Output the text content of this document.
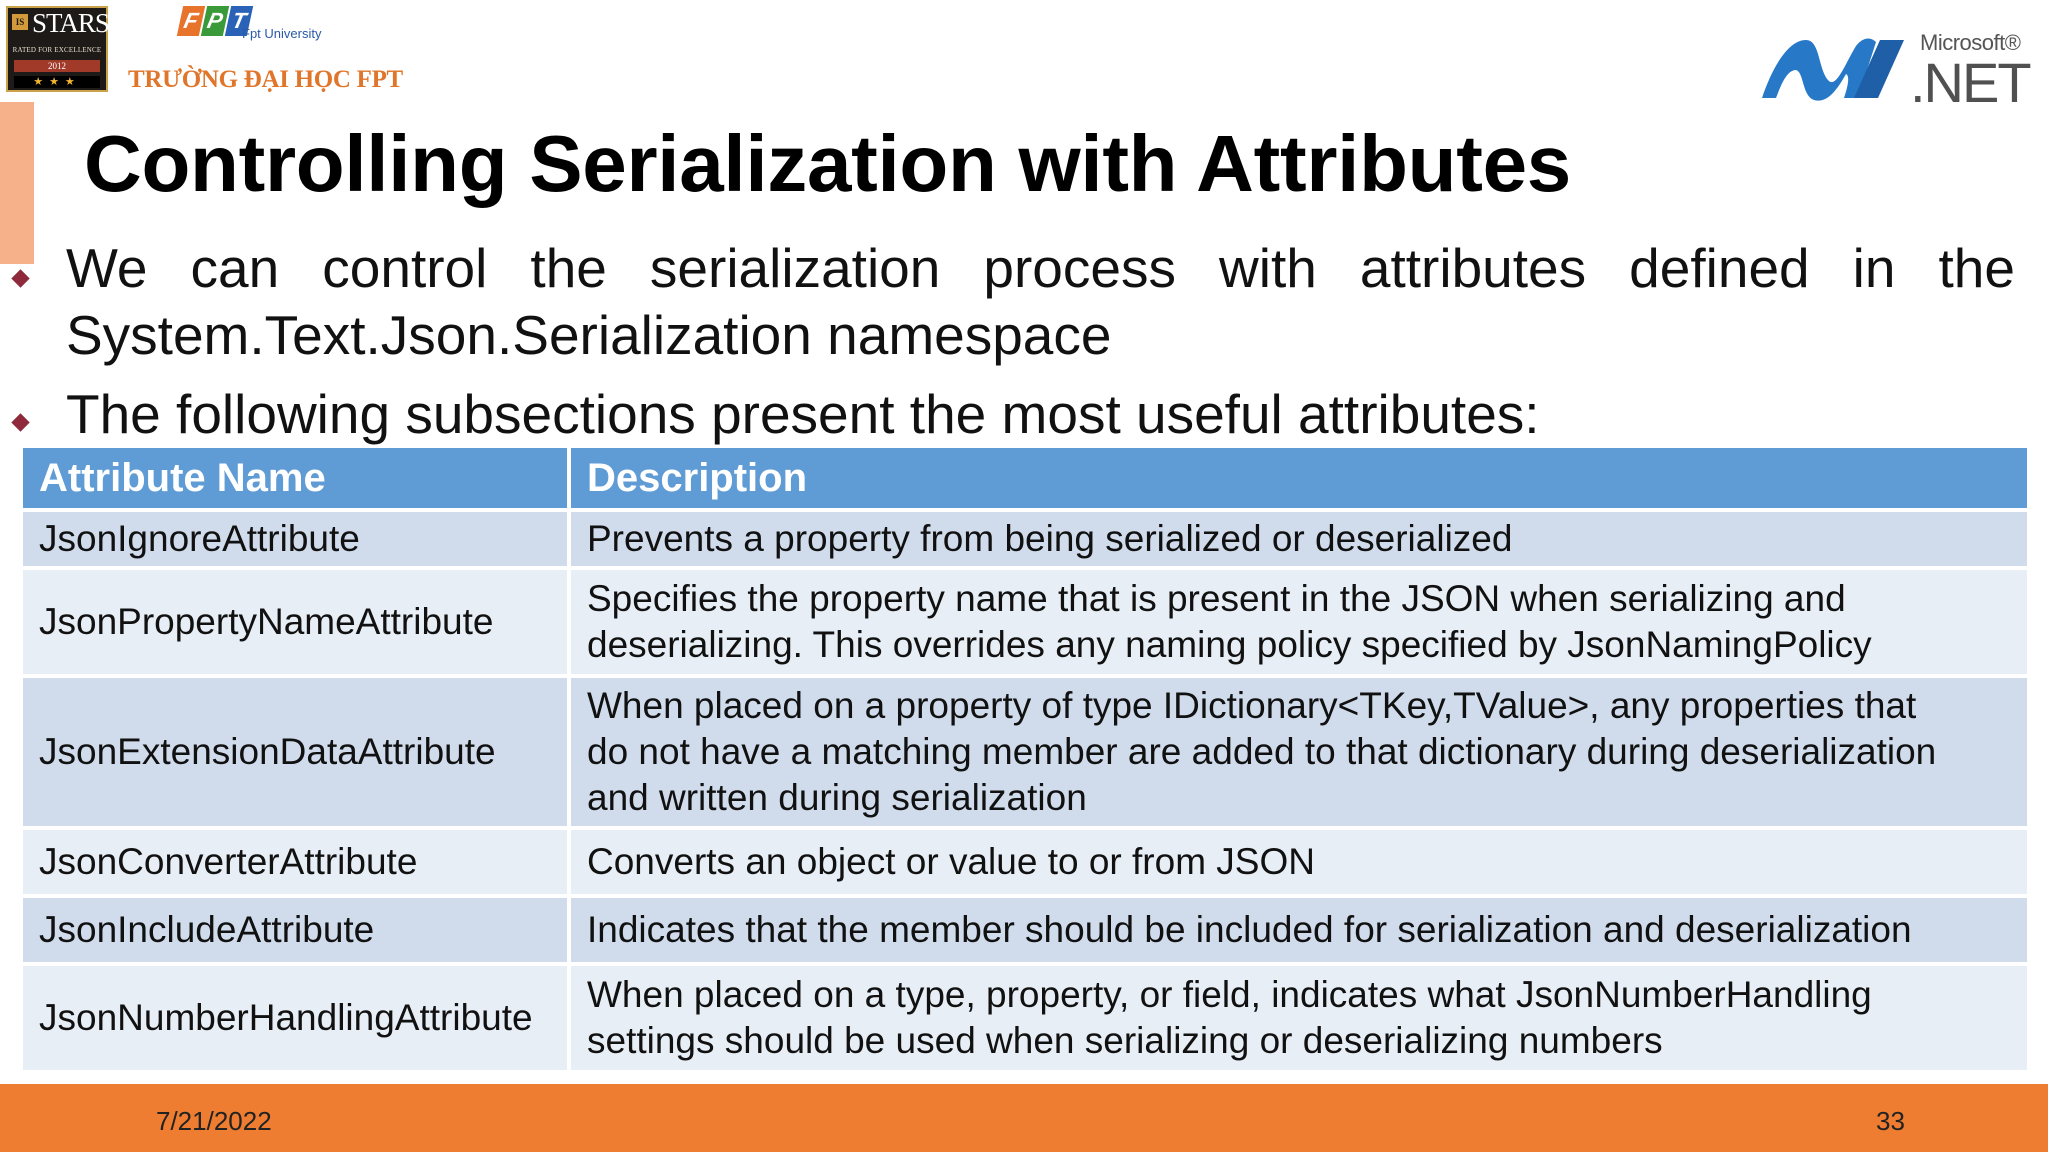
IS STARS
RATED FOR EXCELLENCE
2012
★★★
F P T
Fpt University
TRƯỜNG ĐẠI HỌC FPT
Microsoft®
.NET
Controlling Serialization with Attributes
We can control the serialization process with attributes defined in the
System.Text.Json.Serialization namespace
The following subsections present the most useful attributes:
Attribute Name	Description
JsonIgnoreAttribute	Prevents a property from being serialized or deserialized

JsonPropertyNameAttribute	Specifies the property name that is present in the JSON when serializing and
deserializing. This overrides any naming policy specified by JsonNamingPolicy

JsonExtensionDataAttribute	When placed on a property of type IDictionary<TKey,TValue>, any properties that
do not have a matching member are added to that dictionary during deserialization
and written during serialization

JsonConverterAttribute	Converts an object or value to or from JSON

JsonIncludeAttribute	Indicates that the member should be included for serialization and deserialization

JsonNumberHandlingAttribute	When placed on a type, property, or field, indicates what JsonNumberHandling
settings should be used when serializing or deserializing numbers
7/21/2022	33
